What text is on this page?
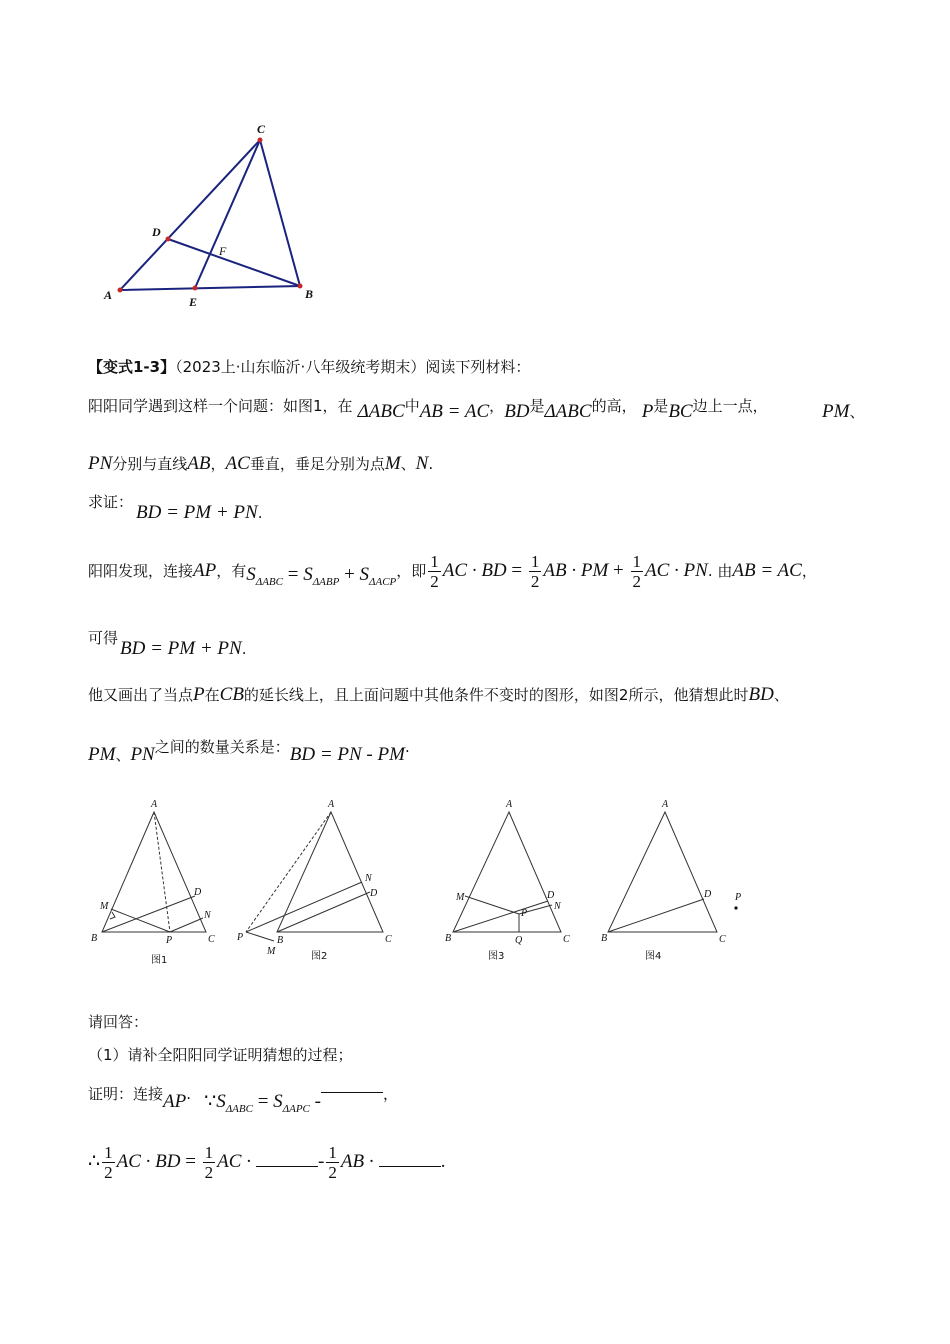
A
C
B
D
E
F
【变式1-3】（2023上·山东临沂·八年级统考期末）阅读下列材料：
阳阳同学遇到这样一个问题：如图1，在 ΔABC中AB = AC，BD是ΔABC的高， P是BC边上一点，	PM、
PN分别与直线AB，AC垂直，垂足分别为点M、N.
求证： BD = PM + PN.
阳阳发现，连接AP，有$S_{\Delta ABC} = S_{\Delta ABP} + S_{\Delta ACP}$，即 $\frac{1}{2}$ AC · BD = $\frac{1}{2}$ AB · PM + $\frac{1}{2}$ AC · PN. 由AB = AC，
可得 BD = PM + PN.
他又画出了当点P在CB的延长线上，且上面问题中其他条件不变时的图形，如图2所示，他猜想此时BD、
PM、PN之间的数量关系是：BD = PN - PM.
A
B	C
D
M
N
P
A
B	C
D
N
P
M
A
B	C
D
M
N
P
Q
A
B	C
D P
图1	图2	图3	图4
请回答：
（1）请补全阳阳同学证明猜想的过程；
证明：连接AP. $\because S_{\Delta ABC} = S_{\Delta APC}$ -	，
∴ $\frac{1}{2}$ AC · BD = $\frac{1}{2}$ AC ·	- $\frac{1}{2}$ AB ·	.
